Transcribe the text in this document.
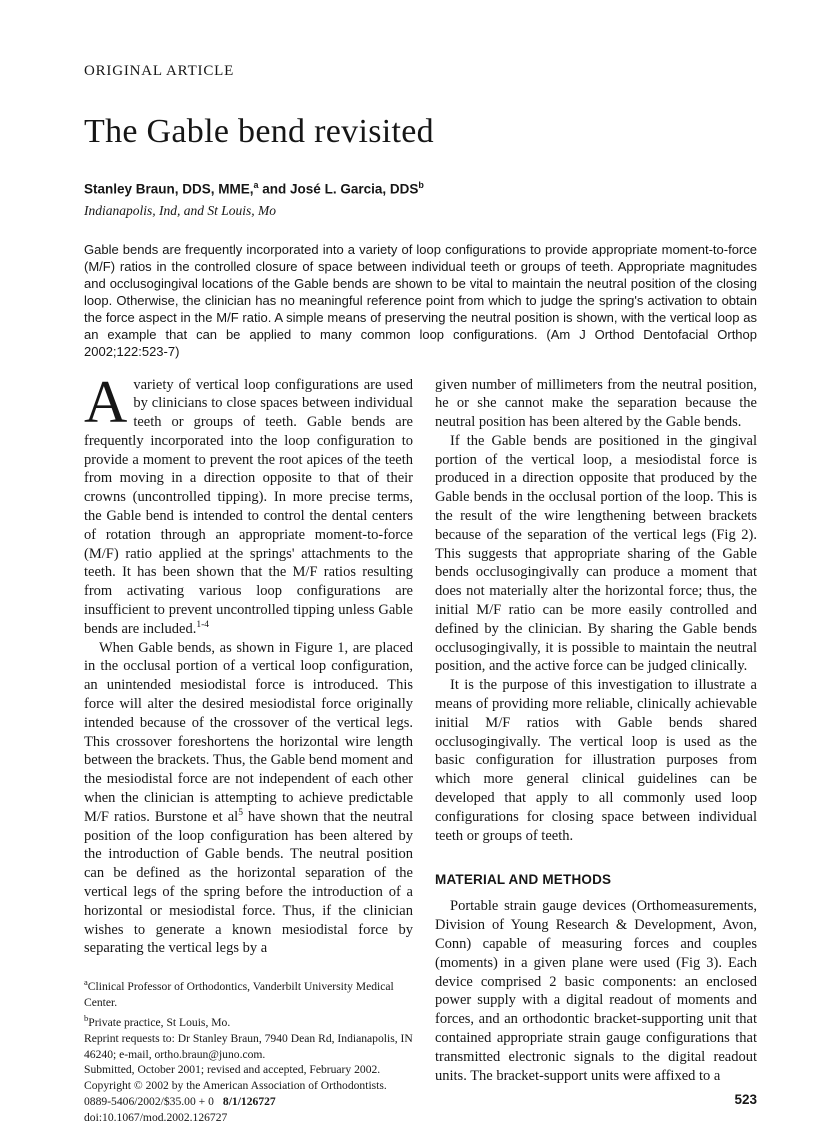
ORIGINAL ARTICLE
The Gable bend revisited
Stanley Braun, DDS, MME,$^a$ and José L. Garcia, DDS$^b$
Indianapolis, Ind, and St Louis, Mo

Gable bends are frequently incorporated into a variety of loop configurations to provide appropriate moment-to-force (M/F) ratios in the controlled closure of space between individual teeth or groups of teeth. Appropriate magnitudes and occlusogingival locations of the Gable bends are shown to be vital to maintain the neutral position of the closing loop. Otherwise, the clinician has no meaningful reference point from which to judge the spring's activation to obtain the force aspect in the M/F ratio. A simple means of preserving the neutral position is shown, with the vertical loop as an example that can be applied to many common loop configurations. (Am J Orthod Dentofacial Orthop 2002;122:523-7)

Avariety of vertical loop configurations are used by clinicians to close spaces between individual teeth or groups of teeth. Gable bends are frequently incorporated into the loop configuration to provide a moment to prevent the root apices of the teeth from moving in a direction opposite to that of their crowns (uncontrolled tipping). In more precise terms, the Gable bend is intended to control the dental centers of rotation through an appropriate moment-to-force (M/F) ratio applied at the springs' attachments to the teeth. It has been shown that the M/F ratios resulting from activating various loop configurations are insufficient to prevent uncontrolled tipping unless Gable bends are included.$^{1-4}$

When Gable bends, as shown in Figure 1, are placed in the occlusal portion of a vertical loop configuration, an unintended mesiodistal force is introduced. This force will alter the desired mesiodistal force originally intended because of the crossover of the vertical legs. This crossover foreshortens the horizontal wire length between the brackets. Thus, the Gable bend moment and the mesiodistal force are not independent of each other when the clinician is attempting to achieve predictable M/F ratios. Burstone et al$^5$ have shown that the neutral position of the loop configuration has been altered by the introduction of Gable bends. The neutral position can be defined as the horizontal separation of the vertical legs of the spring before the introduction of a horizontal or mesiodistal force. Thus, if the clinician wishes to generate a known mesiodistal force by separating the vertical legs by a

$^a$Clinical Professor of Orthodontics, Vanderbilt University Medical Center.
$^b$Private practice, St Louis, Mo.
Reprint requests to: Dr Stanley Braun, 7940 Dean Rd, Indianapolis, IN 46240; e-mail, ortho.braun@juno.com.
Submitted, October 2001; revised and accepted, February 2002.
Copyright © 2002 by the American Association of Orthodontists.
0889-5406/2002/$35.00 + 0 8/1/126727
doi:10.1067/mod.2002.126727

given number of millimeters from the neutral position, he or she cannot make the separation because the neutral position has been altered by the Gable bends.

If the Gable bends are positioned in the gingival portion of the vertical loop, a mesiodistal force is produced in a direction opposite that produced by the Gable bends in the occlusal portion of the loop. This is the result of the wire lengthening between brackets because of the separation of the vertical legs (Fig 2). This suggests that appropriate sharing of the Gable bends occlusogingivally can produce a moment that does not materially alter the horizontal force; thus, the initial M/F ratio can be more easily controlled and defined by the clinician. By sharing the Gable bends occlusogingivally, it is possible to maintain the neutral position, and the active force can be judged clinically.

It is the purpose of this investigation to illustrate a means of providing more reliable, clinically achievable initial M/F ratios with Gable bends shared occlusogingivally. The vertical loop is used as the basic configuration for illustration purposes from which more general clinical guidelines can be developed that apply to all commonly used loop configurations for closing space between individual teeth or groups of teeth.

MATERIAL AND METHODS

Portable strain gauge devices (Orthomeasurements, Division of Young Research & Development, Avon, Conn) capable of measuring forces and couples (moments) in a given plane were used (Fig 3). Each device comprised 2 basic components: an enclosed power supply with a digital readout of moments and forces, and an orthodontic bracket-supporting unit that contained appropriate strain gauge configurations that transmitted electronic signals to the digital readout units. The bracket-support units were affixed to a

523
